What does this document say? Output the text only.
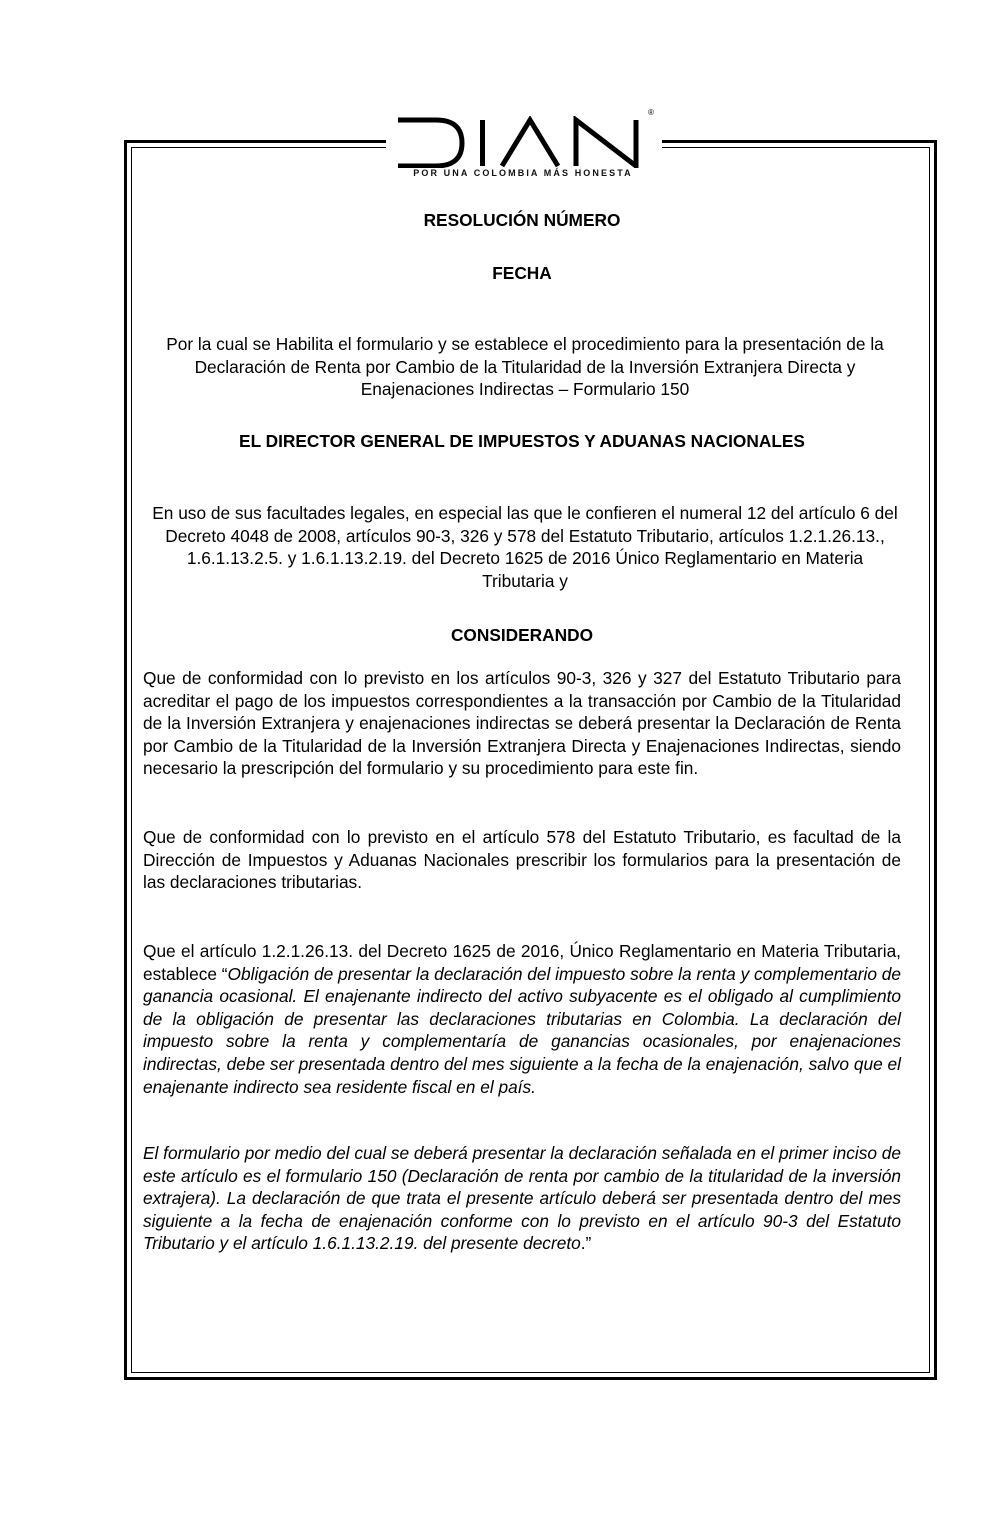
®
POR UNA COLOMBIA MÁS HONESTA
RESOLUCIÓN NÚMERO
FECHA
Por la cual se Habilita el formulario y se establece el procedimiento para la presentación de la Declaración de Renta por Cambio de la Titularidad de la Inversión Extranjera Directa y Enajenaciones Indirectas – Formulario 150
EL DIRECTOR GENERAL DE IMPUESTOS Y ADUANAS NACIONALES
En uso de sus facultades legales, en especial las que le confieren el numeral 12 del artículo 6 del Decreto 4048 de 2008, artículos 90-3, 326 y 578 del Estatuto Tributario, artículos 1.2.1.26.13., 1.6.1.13.2.5. y 1.6.1.13.2.19. del Decreto 1625 de 2016 Único Reglamentario en Materia Tributaria y
CONSIDERANDO
Que de conformidad con lo previsto en los artículos 90-3, 326 y 327 del Estatuto Tributario para acreditar el pago de los impuestos correspondientes a la transacción por Cambio de la Titularidad de la Inversión Extranjera y enajenaciones indirectas se deberá presentar la Declaración de Renta por Cambio de la Titularidad de la Inversión Extranjera Directa y Enajenaciones Indirectas, siendo necesario la prescripción del formulario y su procedimiento para este fin.
Que de conformidad con lo previsto en el artículo 578 del Estatuto Tributario, es facultad de la Dirección de Impuestos y Aduanas Nacionales prescribir los formularios para la presentación de las declaraciones tributarias.
Que el artículo 1.2.1.26.13. del Decreto 1625 de 2016, Único Reglamentario en Materia Tributaria, establece “Obligación de presentar la declaración del impuesto sobre la renta y complementario de ganancia ocasional. El enajenante indirecto del activo subyacente es el obligado al cumplimiento de la obligación de presentar las declaraciones tributarias en Colombia. La declaración del impuesto sobre la renta y complementaría de ganancias ocasionales, por enajenaciones indirectas, debe ser presentada dentro del mes siguiente a la fecha de la enajenación, salvo que el enajenante indirecto sea residente fiscal en el país.
El formulario por medio del cual se deberá presentar la declaración señalada en el primer inciso de este artículo es el formulario 150 (Declaración de renta por cambio de la titularidad de la inversión extrajera). La declaración de que trata el presente artículo deberá ser presentada dentro del mes siguiente a la fecha de enajenación conforme con lo previsto en el artículo 90-3 del Estatuto Tributario y el artículo 1.6.1.13.2.19. del presente decreto.”
